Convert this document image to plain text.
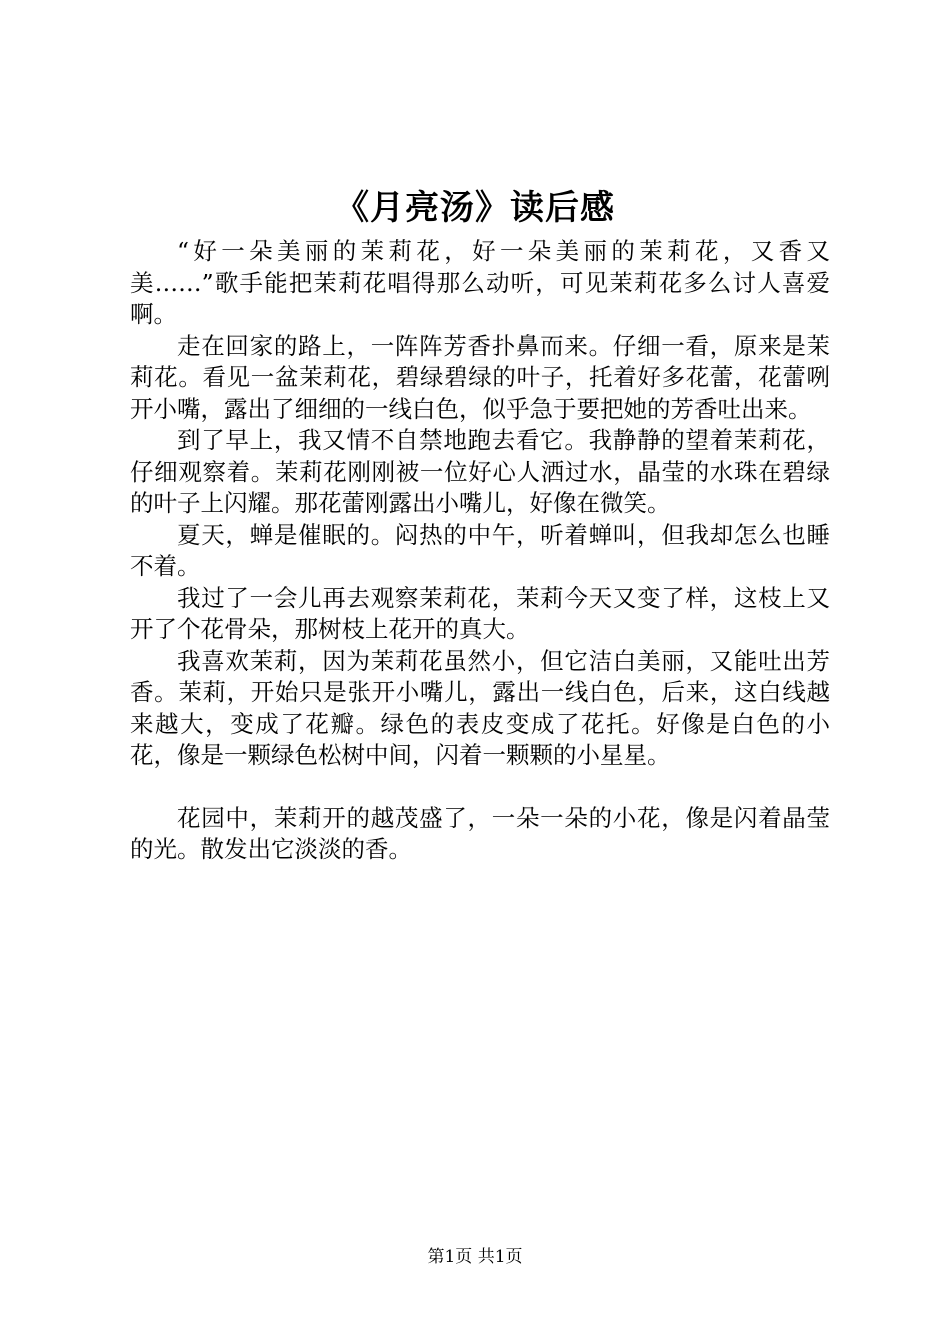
《月亮汤》读后感

“好一朵美丽的茉莉花，好一朵美丽的茉莉花，又香又美……”歌手能把茉莉花唱得那么动听，可见茉莉花多么讨人喜爱啊。

走在回家的路上，一阵阵芳香扑鼻而来。仔细一看，原来是茉莉花。看见一盆茉莉花，碧绿碧绿的叶子，托着好多花蕾，花蕾咧开小嘴，露出了细细的一线白色，似乎急于要把她的芳香吐出来。

到了早上，我又情不自禁地跑去看它。我静静的望着茉莉花，仔细观察着。茉莉花刚刚被一位好心人洒过水，晶莹的水珠在碧绿的叶子上闪耀。那花蕾刚露出小嘴儿，好像在微笑。

夏天，蝉是催眠的。闷热的中午，听着蝉叫，但我却怎么也睡不着。

我过了一会儿再去观察茉莉花，茉莉今天又变了样，这枝上又开了个花骨朵，那树枝上花开的真大。

我喜欢茉莉，因为茉莉花虽然小，但它洁白美丽，又能吐出芳香。茉莉，开始只是张开小嘴儿，露出一线白色，后来，这白线越来越大，变成了花瓣。绿色的表皮变成了花托。好像是白色的小花，像是一颗绿色松树中间，闪着一颗颗的小星星。

花园中，茉莉开的越茂盛了，一朵一朵的小花，像是闪着晶莹的光。散发出它淡淡的香。

第1页 共1页
